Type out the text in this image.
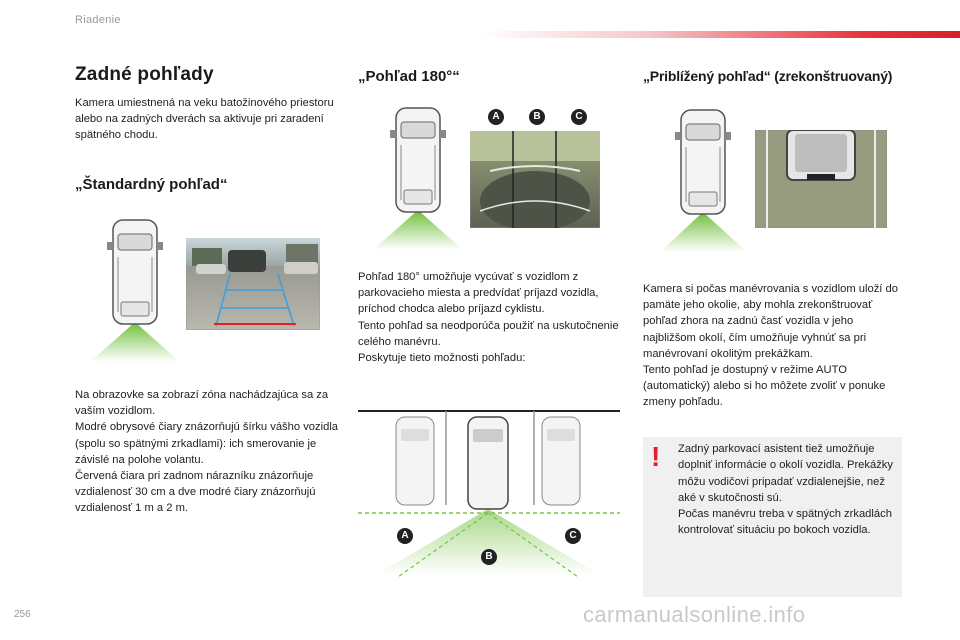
Riadenie
Zadné pohľady
Kamera umiestnená na veku batožinového priestoru alebo na zadných dverách sa aktivuje pri zaradení spätného chodu.
„Štandardný pohľad“
Na obrazovke sa zobrazí zóna nachádzajúca sa za vaším vozidlom.
Modré obrysové čiary znázorňujú šírku vášho vozidla (spolu so spätnými zrkadlami): ich smerovanie je závislé na polohe volantu.
Červená čiara pri zadnom nárazníku znázorňuje vzdialenosť 30 cm a dve modré čiary znázorňujú vzdialenosť 1 m a 2 m.
„Pohľad 180°“
A	B	C
Pohľad 180° umožňuje vycúvať s vozidlom z parkovacieho miesta a predvídať príjazd vozidla, príchod chodca alebo príjazd cyklistu.
Tento pohľad sa neodporúča použiť na uskutočnenie celého manévru.
Poskytuje tieto možnosti pohľadu:
A
B
C
„Priblížený pohľad“ (zrekonštruovaný)
Kamera si počas manévrovania s vozidlom uloží do pamäte jeho okolie, aby mohla zrekonštruovať pohľad zhora na zadnú časť vozidla v jeho najbližšom okolí, čím umožňuje vyhnúť sa pri manévrovaní okolitým prekážkam.
Tento pohľad je dostupný v režime AUTO (automatický) alebo si ho môžete zvoliť v ponuke zmeny pohľadu.
! Zadný parkovací asistent tiež umožňuje doplniť informácie o okolí vozidla. Prekážky môžu vodičovi pripadať vzdialenejšie, než aké v skutočnosti sú.
Počas manévru treba v spätných zrkadlách kontrolovať situáciu po bokoch vozidla.
256	carmanualsonline.info
